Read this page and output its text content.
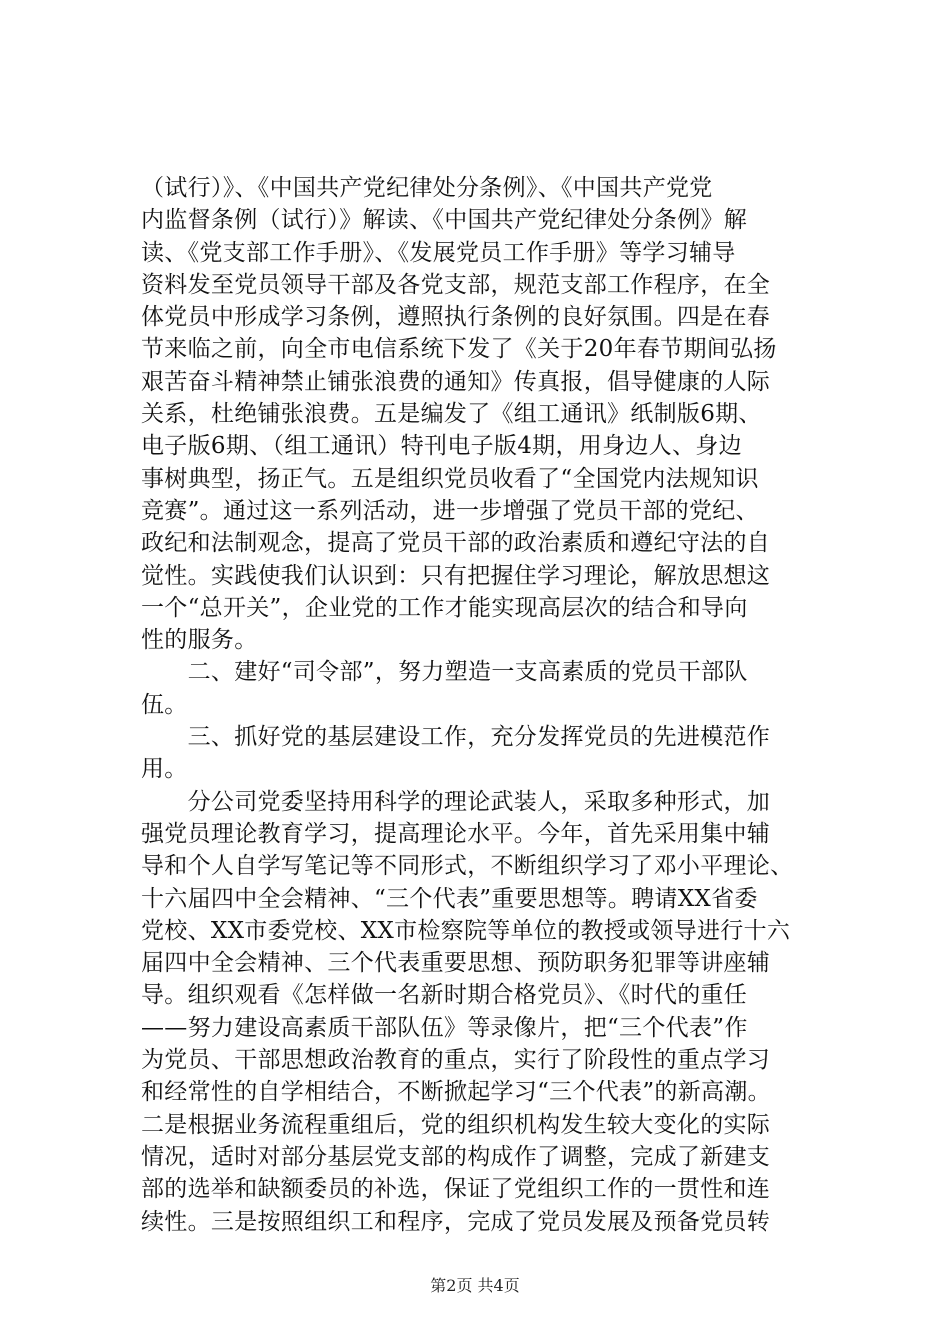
（试行）》、《中国共产党纪律处分条例》、《中国共产党党
内监督条例（试行）》解读、《中国共产党纪律处分条例》解
读、《党支部工作手册》、《发展党员工作手册》等学习辅导
资料发至党员领导干部及各党支部，规范支部工作程序，在全
体党员中形成学习条例，遵照执行条例的良好氛围。四是在春
节来临之前，向全市电信系统下发了《关于20年春节期间弘扬
艰苦奋斗精神禁止铺张浪费的通知》传真报，倡导健康的人际
关系，杜绝铺张浪费。五是编发了《组工通讯》纸制版6期、
电子版6期、（组工通讯）特刊电子版4期，用身边人、身边
事树典型，扬正气。五是组织党员收看了“全国党内法规知识
竞赛”。通过这一系列活动，进一步增强了党员干部的党纪、
政纪和法制观念，提高了党员干部的政治素质和遵纪守法的自
觉性。实践使我们认识到：只有把握住学习理论，解放思想这
一个“总开关”，企业党的工作才能实现高层次的结合和导向
性的服务。
　　二、建好“司令部”，努力塑造一支高素质的党员干部队
伍。
　　三、抓好党的基层建设工作，充分发挥党员的先进模范作
用。
　　分公司党委坚持用科学的理论武装人，采取多种形式，加
强党员理论教育学习，提高理论水平。今年，首先采用集中辅
导和个人自学写笔记等不同形式，不断组织学习了邓小平理论、
十六届四中全会精神、“三个代表”重要思想等。聘请XX省委
党校、XX市委党校、XX市检察院等单位的教授或领导进行十六
届四中全会精神、三个代表重要思想、预防职务犯罪等讲座辅
导。组织观看《怎样做一名新时期合格党员》、《时代的重任
——努力建设高素质干部队伍》等录像片，把“三个代表”作
为党员、干部思想政治教育的重点，实行了阶段性的重点学习
和经常性的自学相结合，不断掀起学习“三个代表”的新高潮。
二是根据业务流程重组后，党的组织机构发生较大变化的实际
情况，适时对部分基层党支部的构成作了调整，完成了新建支
部的选举和缺额委员的补选，保证了党组织工作的一贯性和连
续性。三是按照组织工和程序，完成了党员发展及预备党员转
第2页 共4页
